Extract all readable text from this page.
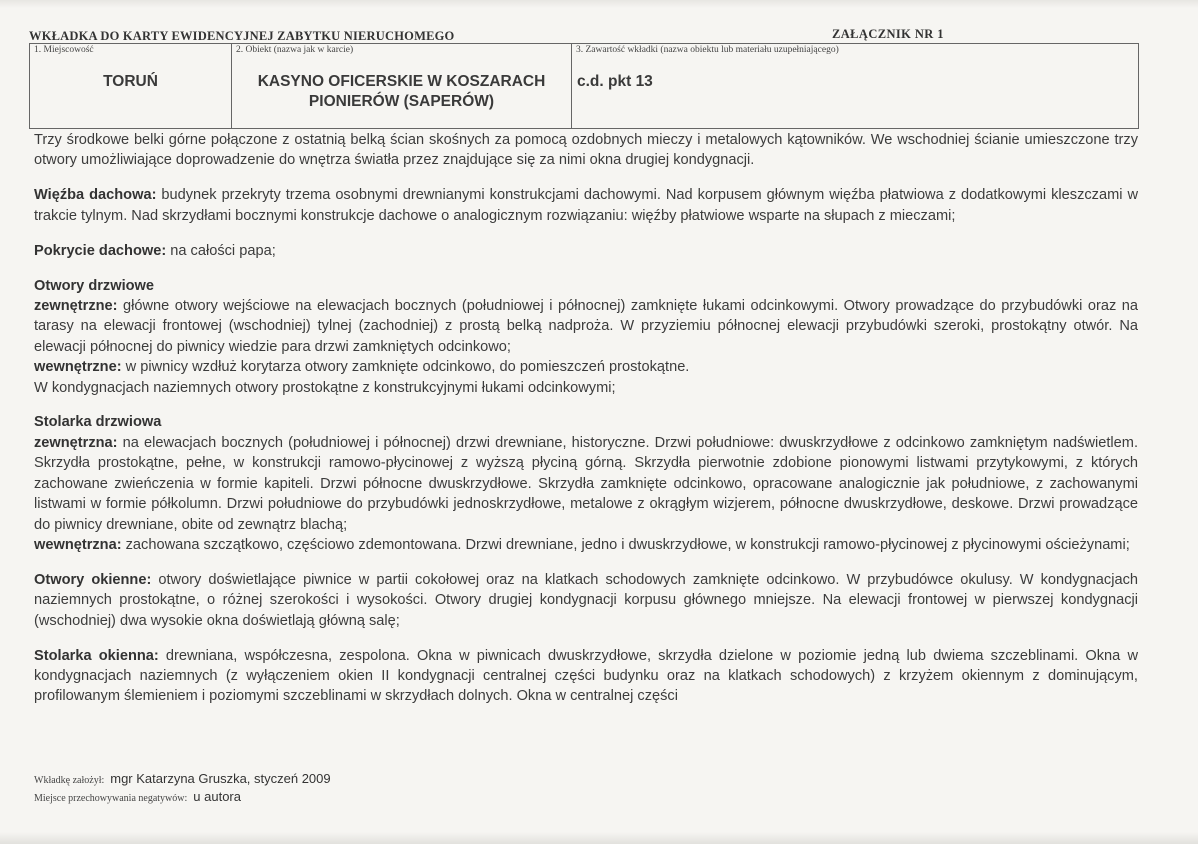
WKŁADKA DO KARTY EWIDENCYJNEJ ZABYTKU NIERUCHOMEGO	ZAŁĄCZNIK NR 1
1. Miejscowość
TORUŃ
2. Obiekt (nazwa jak w karcie)
KASYNO OFICERSKIE W KOSZARACH PIONIERÓW (SAPERÓW)
3. Zawartość wkładki (nazwa obiektu lub materiału uzupełniającego)
c.d. pkt 13

Trzy środkowe belki górne połączone z ostatnią belką ścian skośnych za pomocą ozdobnych mieczy i metalowych kątowników. We wschodniej ścianie umieszczone trzy otwory umożliwiające doprowadzenie do wnętrza światła przez znajdujące się za nimi okna drugiej kondygnacji.

Więźba dachowa: budynek przekryty trzema osobnymi drewnianymi konstrukcjami dachowymi. Nad korpusem głównym więźba płatwiowa z dodatkowymi kleszczami w trakcie tylnym. Nad skrzydłami bocznymi konstrukcje dachowe o analogicznym rozwiązaniu: więźby płatwiowe wsparte na słupach z mieczami;

Pokrycie dachowe: na całości papa;

Otwory drzwiowe

zewnętrzne: główne otwory wejściowe na elewacjach bocznych (południowej i północnej) zamknięte łukami odcinkowymi. Otwory prowadzące do przybudówki oraz na tarasy na elewacji frontowej (wschodniej) tylnej (zachodniej) z prostą belką nadproża. W przyziemiu północnej elewacji przybudówki szeroki, prostokątny otwór. Na elewacji północnej do piwnicy wiedzie para drzwi zamkniętych odcinkowo;

wewnętrzne: w piwnicy wzdłuż korytarza otwory zamknięte odcinkowo, do pomieszczeń prostokątne.

W kondygnacjach naziemnych otwory prostokątne z konstrukcyjnymi łukami odcinkowymi;

Stolarka drzwiowa

zewnętrzna: na elewacjach bocznych (południowej i północnej) drzwi drewniane, historyczne. Drzwi południowe: dwuskrzydłowe z odcinkowo zamkniętym nadświetlem. Skrzydła prostokątne, pełne, w konstrukcji ramowo-płycinowej z wyższą płyciną górną. Skrzydła pierwotnie zdobione pionowymi listwami przytykowymi, z których zachowane zwieńczenia w formie kapiteli. Drzwi północne dwuskrzydłowe. Skrzydła zamknięte odcinkowo, opracowane analogicznie jak południowe, z zachowanymi listwami w formie półkolumn. Drzwi południowe do przybudówki jednoskrzydłowe, metalowe z okrągłym wizjerem, północne dwuskrzydłowe, deskowe. Drzwi prowadzące do piwnicy drewniane, obite od zewnątrz blachą;

wewnętrzna: zachowana szczątkowo, częściowo zdemontowana. Drzwi drewniane, jedno i dwuskrzydłowe, w konstrukcji ramowo-płycinowej z płycinowymi ościeżynami;

Otwory okienne: otwory doświetlające piwnice w partii cokołowej oraz na klatkach schodowych zamknięte odcinkowo. W przybudówce okulusy. W kondygnacjach naziemnych prostokątne, o różnej szerokości i wysokości. Otwory drugiej kondygnacji korpusu głównego mniejsze. Na elewacji frontowej w pierwszej kondygnacji (wschodniej) dwa wysokie okna doświetlają główną salę;

Stolarka okienna: drewniana, współczesna, zespolona. Okna w piwnicach dwuskrzydłowe, skrzydła dzielone w poziomie jedną lub dwiema szczeblinami. Okna w kondygnacjach naziemnych (z wyłączeniem okien II kondygnacji centralnej części budynku oraz na klatkach schodowych) z krzyżem okiennym z dominującym, profilowanym ślemieniem i poziomymi szczeblinami w skrzydłach dolnych. Okna w centralnej części

Wkładkę założył: mgr Katarzyna Gruszka, styczeń 2009
Miejsce przechowywania negatywów: u autora
